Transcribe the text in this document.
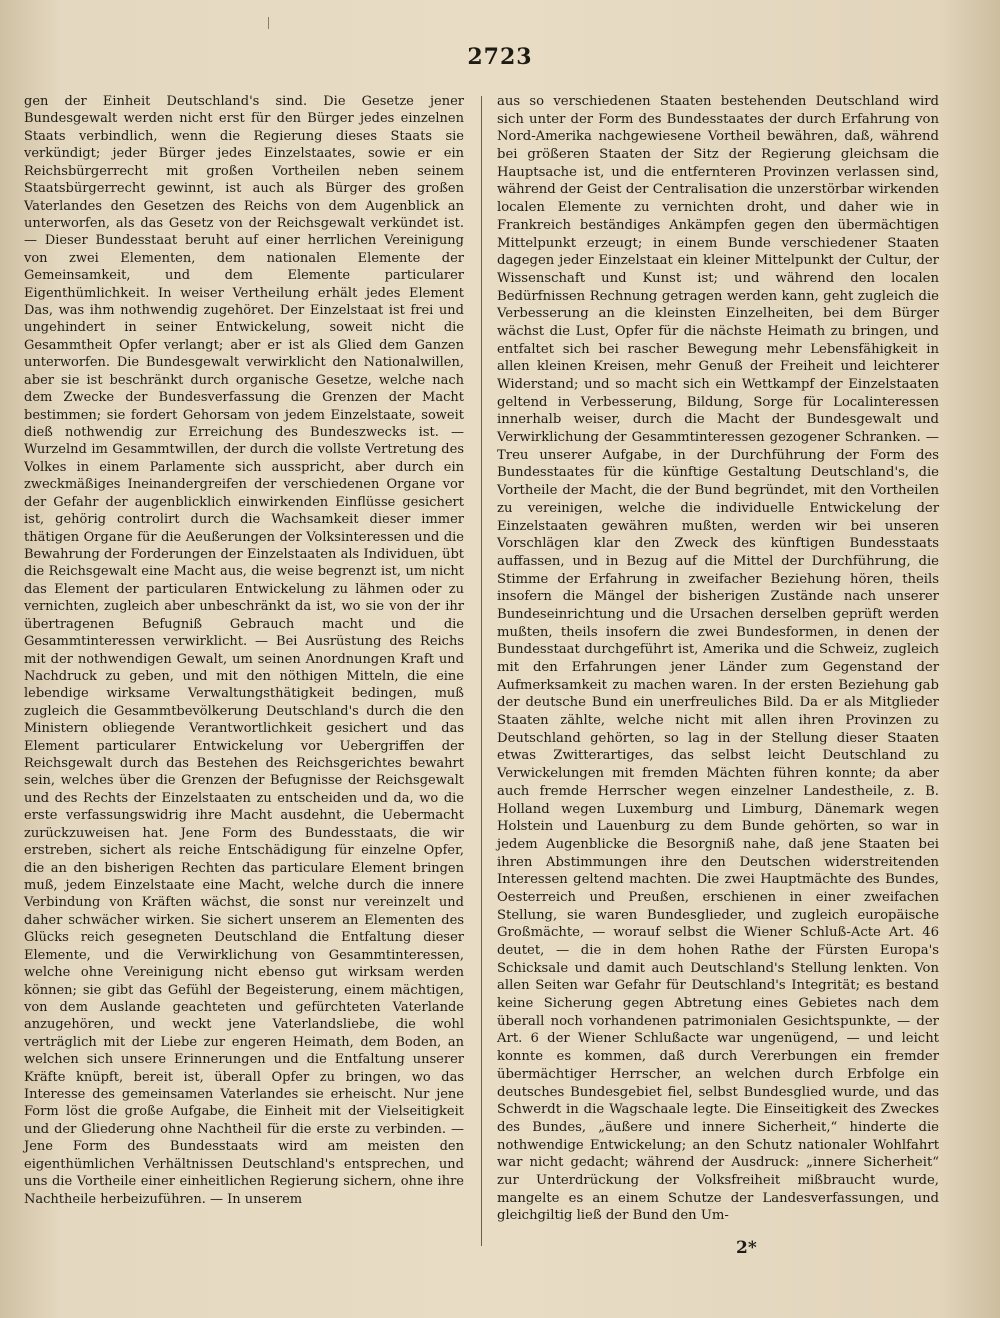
2723

gen der Einheit Deutschland's sind. Die Gesetze jener Bundesgewalt werden nicht erst für den Bürger jedes einzelnen Staats verbindlich, wenn die Regierung dieses Staats sie verkündigt; jeder Bürger jedes Einzelstaates, sowie er ein Reichsbürgerrecht mit großen Vortheilen neben seinem Staatsbürgerrecht gewinnt, ist auch als Bürger des großen Vaterlandes den Gesetzen des Reichs von dem Augenblick an unterworfen, als das Gesetz von der Reichsgewalt verkündet ist. — Dieser Bundesstaat beruht auf einer herrlichen Vereinigung von zwei Elementen, dem nationalen Elemente der Gemeinsamkeit, und dem Elemente particularer Eigenthümlichkeit. In weiser Vertheilung erhält jedes Element Das, was ihm nothwendig zugehöret. Der Einzelstaat ist frei und ungehindert in seiner Entwickelung, soweit nicht die Gesammtheit Opfer verlangt; aber er ist als Glied dem Ganzen unterworfen. Die Bundesgewalt verwirklicht den Nationalwillen, aber sie ist beschränkt durch organische Gesetze, welche nach dem Zwecke der Bundesverfassung die Grenzen der Macht bestimmen; sie fordert Gehorsam von jedem Einzelstaate, soweit dieß nothwendig zur Erreichung des Bundeszwecks ist. — Wurzelnd im Gesammtwillen, der durch die vollste Vertretung des Volkes in einem Parlamente sich ausspricht, aber durch ein zweckmäßiges Ineinandergreifen der verschiedenen Organe vor der Gefahr der augenblicklich einwirkenden Einflüsse gesichert ist, gehörig controlirt durch die Wachsamkeit dieser immer thätigen Organe für die Aeußerungen der Volksinteressen und die Bewahrung der Forderungen der Einzelstaaten als Individuen, übt die Reichsgewalt eine Macht aus, die weise begrenzt ist, um nicht das Element der particularen Entwickelung zu lähmen oder zu vernichten, zugleich aber unbeschränkt da ist, wo sie von der ihr übertragenen Befugniß Gebrauch macht und die Gesammtinteressen verwirklicht. — Bei Ausrüstung des Reichs mit der nothwendigen Gewalt, um seinen Anordnungen Kraft und Nachdruck zu geben, und mit den nöthigen Mitteln, die eine lebendige wirksame Verwaltungsthätigkeit bedingen, muß zugleich die Gesammtbevölkerung Deutschland's durch die den Ministern obliegende Verantwortlichkeit gesichert und das Element particularer Entwickelung vor Uebergriffen der Reichsgewalt durch das Bestehen des Reichsgerichtes bewahrt sein, welches über die Grenzen der Befugnisse der Reichsgewalt und des Rechts der Einzelstaaten zu entscheiden und da, wo die erste verfassungswidrig ihre Macht ausdehnt, die Uebermacht zurückzuweisen hat. Jene Form des Bundesstaats, die wir erstreben, sichert als reiche Entschädigung für einzelne Opfer, die an den bisherigen Rechten das particulare Element bringen muß, jedem Einzelstaate eine Macht, welche durch die innere Verbindung von Kräften wächst, die sonst nur vereinzelt und daher schwächer wirken. Sie sichert unserem an Elementen des Glücks reich gesegneten Deutschland die Entfaltung dieser Elemente, und die Verwirklichung von Gesammtinteressen, welche ohne Vereinigung nicht ebenso gut wirksam werden können; sie gibt das Gefühl der Begeisterung, einem mächtigen, von dem Auslande geachteten und gefürchteten Vaterlande anzugehören, und weckt jene Vaterlandsliebe, die wohl verträglich mit der Liebe zur engeren Heimath, dem Boden, an welchen sich unsere Erinnerungen und die Entfaltung unserer Kräfte knüpft, bereit ist, überall Opfer zu bringen, wo das Interesse des gemeinsamen Vaterlandes sie erheischt. Nur jene Form löst die große Aufgabe, die Einheit mit der Vielseitigkeit und der Gliederung ohne Nachtheil für die erste zu verbinden. — Jene Form des Bundesstaats wird am meisten den eigenthümlichen Verhältnissen Deutschland's entsprechen, und uns die Vortheile einer einheitlichen Regierung sichern, ohne ihre Nachtheile herbeizuführen. — In unserem

aus so verschiedenen Staaten bestehenden Deutschland wird sich unter der Form des Bundesstaates der durch Erfahrung von Nord-Amerika nachgewiesene Vortheil bewähren, daß, während bei größeren Staaten der Sitz der Regierung gleichsam die Hauptsache ist, und die entfernteren Provinzen verlassen sind, während der Geist der Centralisation die unzerstörbar wirkenden localen Elemente zu vernichten droht, und daher wie in Frankreich beständiges Ankämpfen gegen den übermächtigen Mittelpunkt erzeugt; in einem Bunde verschiedener Staaten dagegen jeder Einzelstaat ein kleiner Mittelpunkt der Cultur, der Wissenschaft und Kunst ist; und während den localen Bedürfnissen Rechnung getragen werden kann, geht zugleich die Verbesserung an die kleinsten Einzelheiten, bei dem Bürger wächst die Lust, Opfer für die nächste Heimath zu bringen, und entfaltet sich bei rascher Bewegung mehr Lebensfähigkeit in allen kleinen Kreisen, mehr Genuß der Freiheit und leichterer Widerstand; und so macht sich ein Wettkampf der Einzelstaaten geltend in Verbesserung, Bildung, Sorge für Localinteressen innerhalb weiser, durch die Macht der Bundesgewalt und Verwirklichung der Gesammtinteressen gezogener Schranken. — Treu unserer Aufgabe, in der Durchführung der Form des Bundesstaates für die künftige Gestaltung Deutschland's, die Vortheile der Macht, die der Bund begründet, mit den Vortheilen zu vereinigen, welche die individuelle Entwickelung der Einzelstaaten gewähren mußten, werden wir bei unseren Vorschlägen klar den Zweck des künftigen Bundesstaats auffassen, und in Bezug auf die Mittel der Durchführung, die Stimme der Erfahrung in zweifacher Beziehung hören, theils insofern die Mängel der bisherigen Zustände nach unserer Bundeseinrichtung und die Ursachen derselben geprüft werden mußten, theils insofern die zwei Bundesformen, in denen der Bundesstaat durchgeführt ist, Amerika und die Schweiz, zugleich mit den Erfahrungen jener Länder zum Gegenstand der Aufmerksamkeit zu machen waren. In der ersten Beziehung gab der deutsche Bund ein unerfreuliches Bild. Da er als Mitglieder Staaten zählte, welche nicht mit allen ihren Provinzen zu Deutschland gehörten, so lag in der Stellung dieser Staaten etwas Zwitterartiges, das selbst leicht Deutschland zu Verwickelungen mit fremden Mächten führen konnte; da aber auch fremde Herrscher wegen einzelner Landestheile, z. B. Holland wegen Luxemburg und Limburg, Dänemark wegen Holstein und Lauenburg zu dem Bunde gehörten, so war in jedem Augenblicke die Besorgniß nahe, daß jene Staaten bei ihren Abstimmungen ihre den Deutschen widerstreitenden Interessen geltend machten. Die zwei Hauptmächte des Bundes, Oesterreich und Preußen, erschienen in einer zweifachen Stellung, sie waren Bundesglieder, und zugleich europäische Großmächte, — worauf selbst die Wiener Schluß-Acte Art. 46 deutet, — die in dem hohen Rathe der Fürsten Europa's Schicksale und damit auch Deutschland's Stellung lenkten. Von allen Seiten war Gefahr für Deutschland's Integrität; es bestand keine Sicherung gegen Abtretung eines Gebietes nach dem überall noch vorhandenen patrimonialen Gesichtspunkte, — der Art. 6 der Wiener Schlußacte war ungenügend, — und leicht konnte es kommen, daß durch Vererbungen ein fremder übermächtiger Herrscher, an welchen durch Erbfolge ein deutsches Bundesgebiet fiel, selbst Bundesglied wurde, und das Schwerdt in die Wagschaale legte. Die Einseitigkeit des Zweckes des Bundes, „äußere und innere Sicherheit,“ hinderte die nothwendige Entwickelung; an den Schutz nationaler Wohlfahrt war nicht gedacht; während der Ausdruck: „innere Sicherheit“ zur Unterdrückung der Volksfreiheit mißbraucht wurde, mangelte es an einem Schutze der Landesverfassungen, und gleichgiltig ließ der Bund den Um-

2*
